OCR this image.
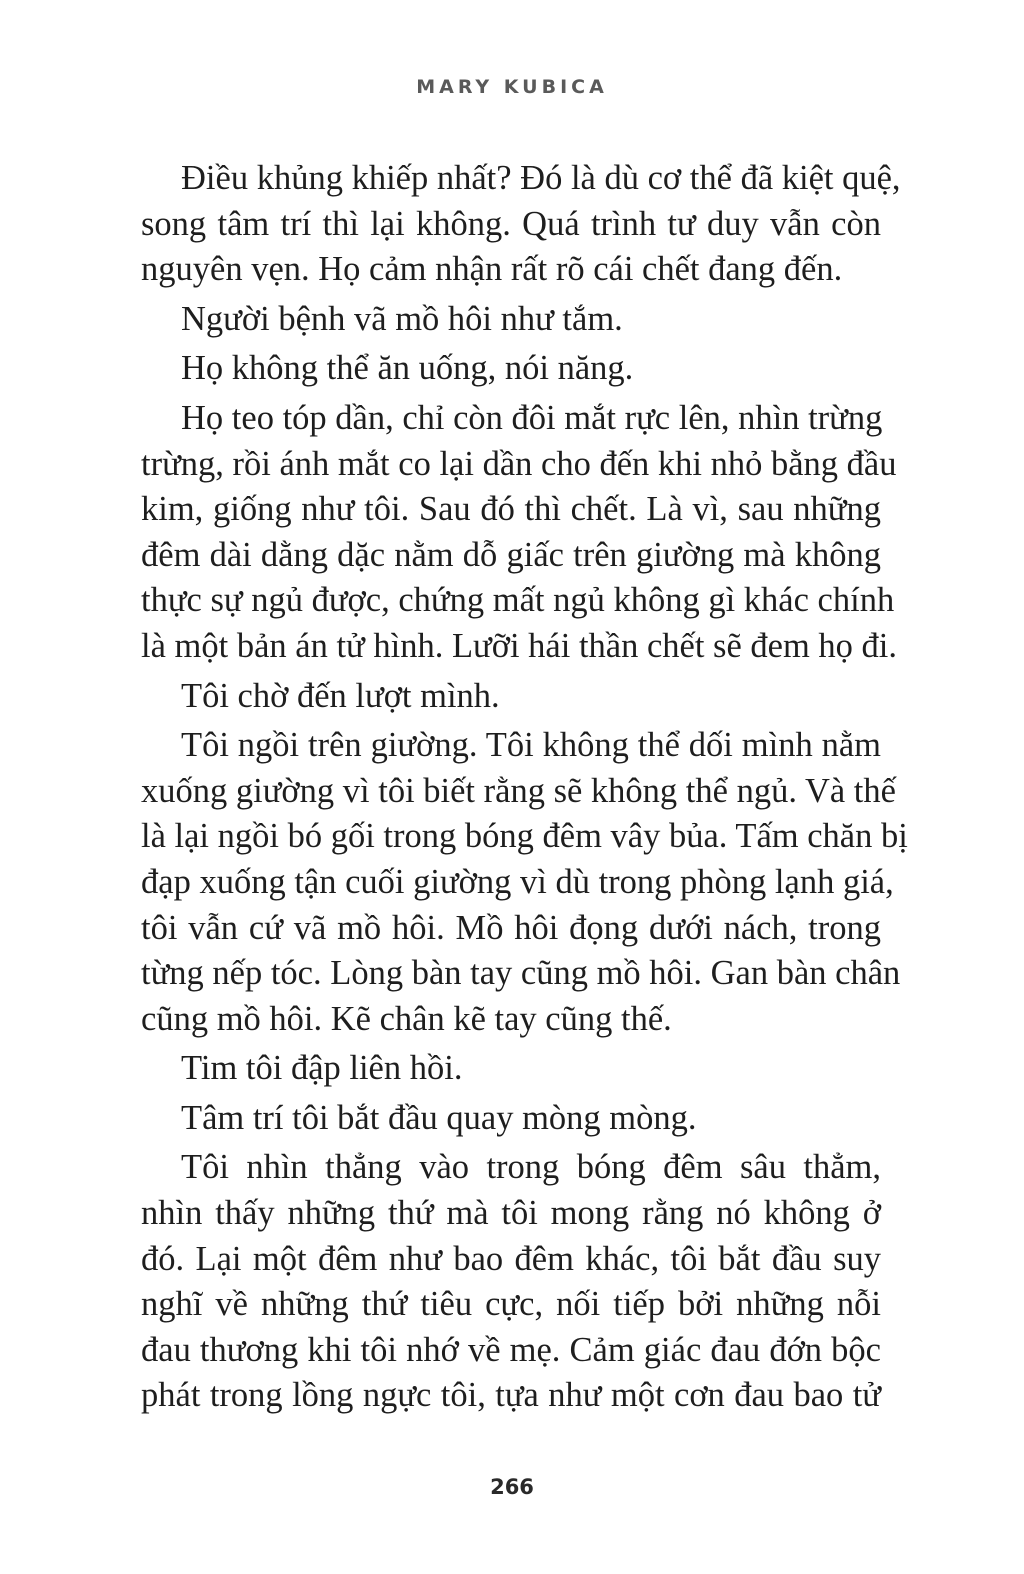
MARY KUBICA

Điều khủng khiếp nhất? Đó là dù cơ thể đã kiệt quệ,
song tâm trí thì lại không. Quá trình tư duy vẫn còn
nguyên vẹn. Họ cảm nhận rất rõ cái chết đang đến.

Người bệnh vã mồ hôi như tắm.

Họ không thể ăn uống, nói năng.

Họ teo tóp dần, chỉ còn đôi mắt rực lên, nhìn trừng
trừng, rồi ánh mắt co lại dần cho đến khi nhỏ bằng đầu
kim, giống như tôi. Sau đó thì chết. Là vì, sau những
đêm dài dằng dặc nằm dỗ giấc trên giường mà không
thực sự ngủ được, chứng mất ngủ không gì khác chính
là một bản án tử hình. Lưỡi hái thần chết sẽ đem họ đi.

Tôi chờ đến lượt mình.

Tôi ngồi trên giường. Tôi không thể dối mình nằm
xuống giường vì tôi biết rằng sẽ không thể ngủ. Và thế
là lại ngồi bó gối trong bóng đêm vây bủa. Tấm chăn bị
đạp xuống tận cuối giường vì dù trong phòng lạnh giá,
tôi vẫn cứ vã mồ hôi. Mồ hôi đọng dưới nách, trong
từng nếp tóc. Lòng bàn tay cũng mồ hôi. Gan bàn chân
cũng mồ hôi. Kẽ chân kẽ tay cũng thế.

Tim tôi đập liên hồi.

Tâm trí tôi bắt đầu quay mòng mòng.

Tôi nhìn thẳng vào trong bóng đêm sâu thẳm,
nhìn thấy những thứ mà tôi mong rằng nó không ở
đó. Lại một đêm như bao đêm khác, tôi bắt đầu suy
nghĩ về những thứ tiêu cực, nối tiếp bởi những nỗi
đau thương khi tôi nhớ về mẹ. Cảm giác đau đớn bộc
phát trong lồng ngực tôi, tựa như một cơn đau bao tử

266
